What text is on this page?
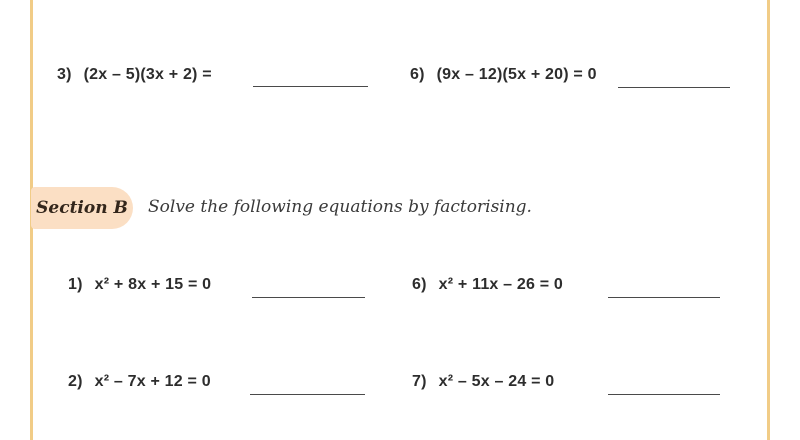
3) (2x – 5)(3x + 2) =	6) (9x – 12)(5x + 20) = 0
Section B Solve the following equations by factorising.
1) x² + 8x + 15 = 0	6) x² + 11x – 26 = 0
2) x² – 7x + 12 = 0	7) x² – 5x – 24 = 0
